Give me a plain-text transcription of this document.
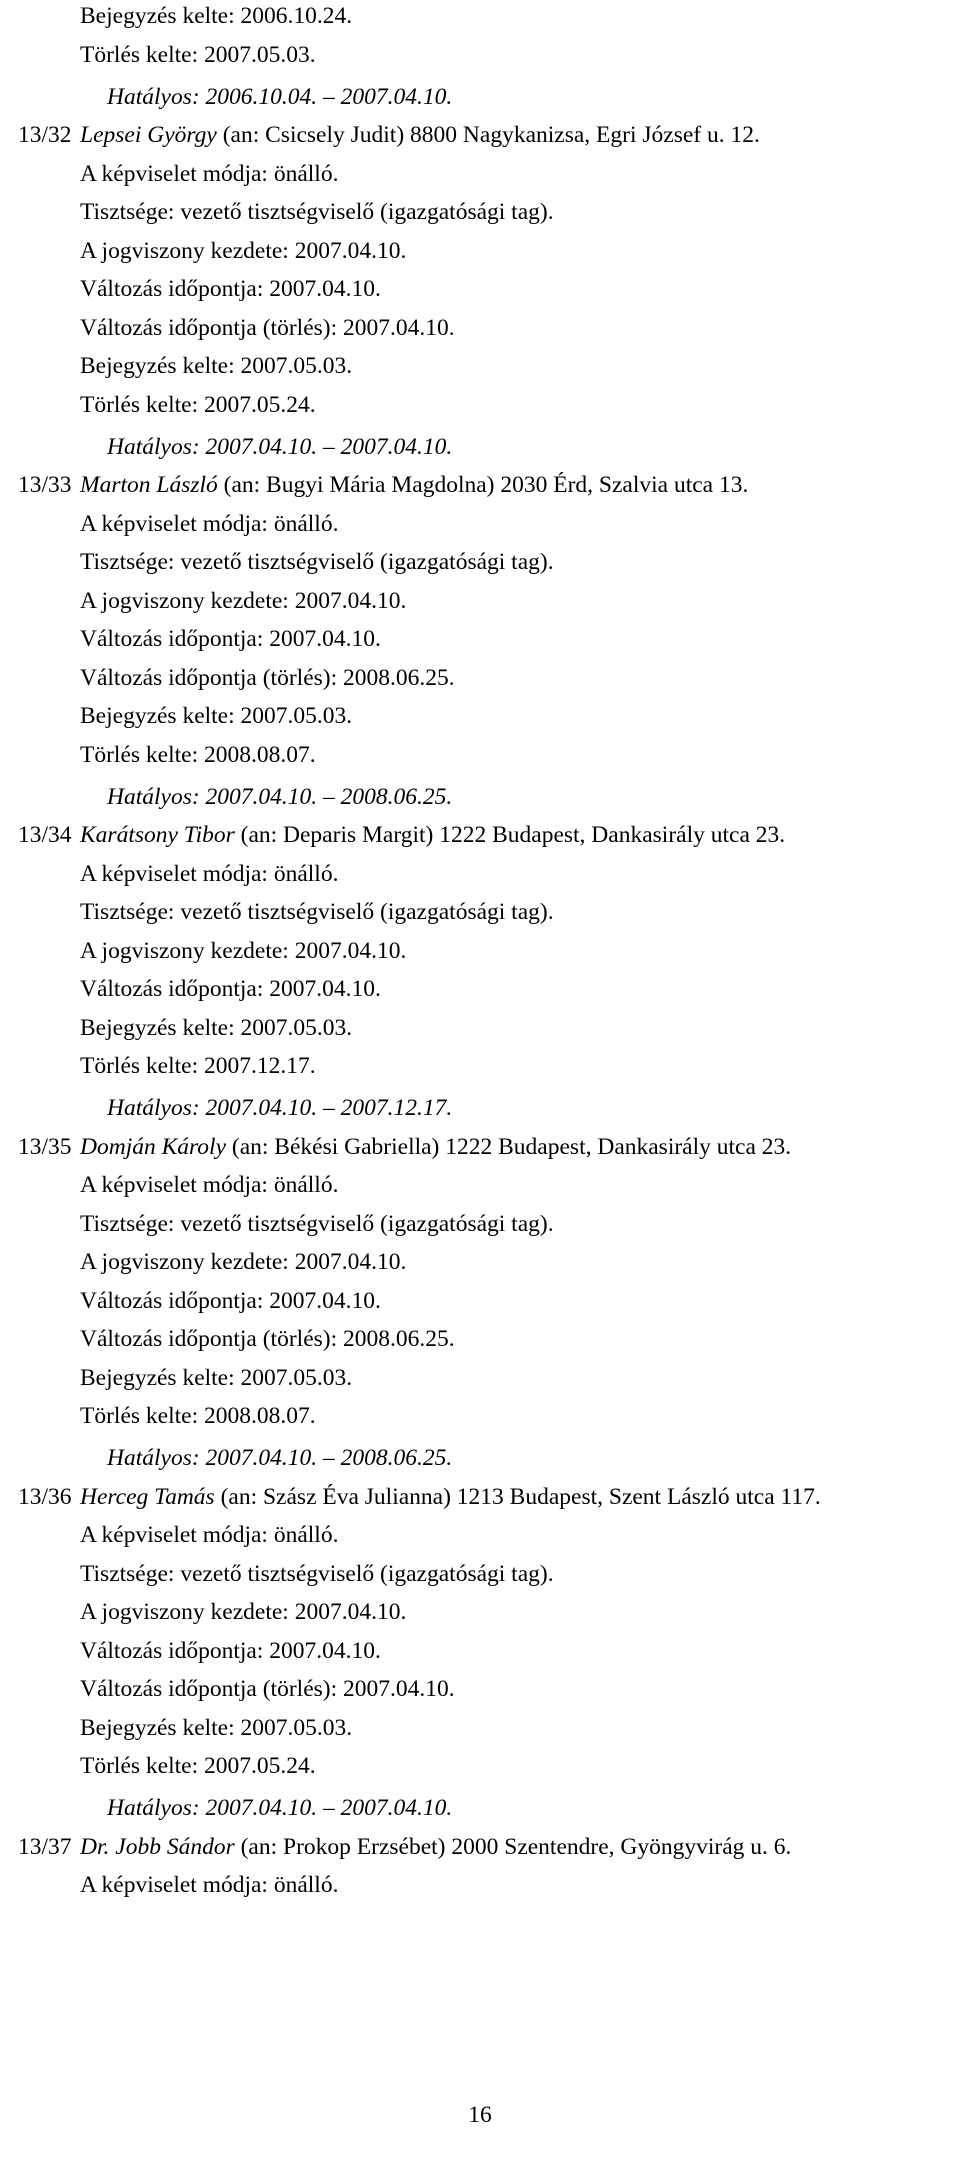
Bejegyzés kelte: 2006.10.24.
Törlés kelte: 2007.05.03.
Hatályos: 2006.10.04. – 2007.04.10.
13/32 Lepsei György (an: Csicsely Judit) 8800 Nagykanizsa, Egri József u. 12.
A képviselet módja: önálló.
Tisztsége: vezető tisztségviselő (igazgatósági tag).
A jogviszony kezdete: 2007.04.10.
Változás időpontja: 2007.04.10.
Változás időpontja (törlés): 2007.04.10.
Bejegyzés kelte: 2007.05.03.
Törlés kelte: 2007.05.24.
Hatályos: 2007.04.10. – 2007.04.10.
13/33 Marton László (an: Bugyi Mária Magdolna) 2030 Érd, Szalvia utca 13.
A képviselet módja: önálló.
Tisztsége: vezető tisztségviselő (igazgatósági tag).
A jogviszony kezdete: 2007.04.10.
Változás időpontja: 2007.04.10.
Változás időpontja (törlés): 2008.06.25.
Bejegyzés kelte: 2007.05.03.
Törlés kelte: 2008.08.07.
Hatályos: 2007.04.10. – 2008.06.25.
13/34 Karátsony Tibor (an: Deparis Margit) 1222 Budapest, Dankasirály utca 23.
A képviselet módja: önálló.
Tisztsége: vezető tisztségviselő (igazgatósági tag).
A jogviszony kezdete: 2007.04.10.
Változás időpontja: 2007.04.10.
Bejegyzés kelte: 2007.05.03.
Törlés kelte: 2007.12.17.
Hatályos: 2007.04.10. – 2007.12.17.
13/35 Domján Károly (an: Békési Gabriella) 1222 Budapest, Dankasirály utca 23.
A képviselet módja: önálló.
Tisztsége: vezető tisztségviselő (igazgatósági tag).
A jogviszony kezdete: 2007.04.10.
Változás időpontja: 2007.04.10.
Változás időpontja (törlés): 2008.06.25.
Bejegyzés kelte: 2007.05.03.
Törlés kelte: 2008.08.07.
Hatályos: 2007.04.10. – 2008.06.25.
13/36 Herceg Tamás (an: Szász Éva Julianna) 1213 Budapest, Szent László utca 117.
A képviselet módja: önálló.
Tisztsége: vezető tisztségviselő (igazgatósági tag).
A jogviszony kezdete: 2007.04.10.
Változás időpontja: 2007.04.10.
Változás időpontja (törlés): 2007.04.10.
Bejegyzés kelte: 2007.05.03.
Törlés kelte: 2007.05.24.
Hatályos: 2007.04.10. – 2007.04.10.
13/37 Dr. Jobb Sándor (an: Prokop Erzsébet) 2000 Szentendre, Gyöngyvirág u. 6.
A képviselet módja: önálló.
16
